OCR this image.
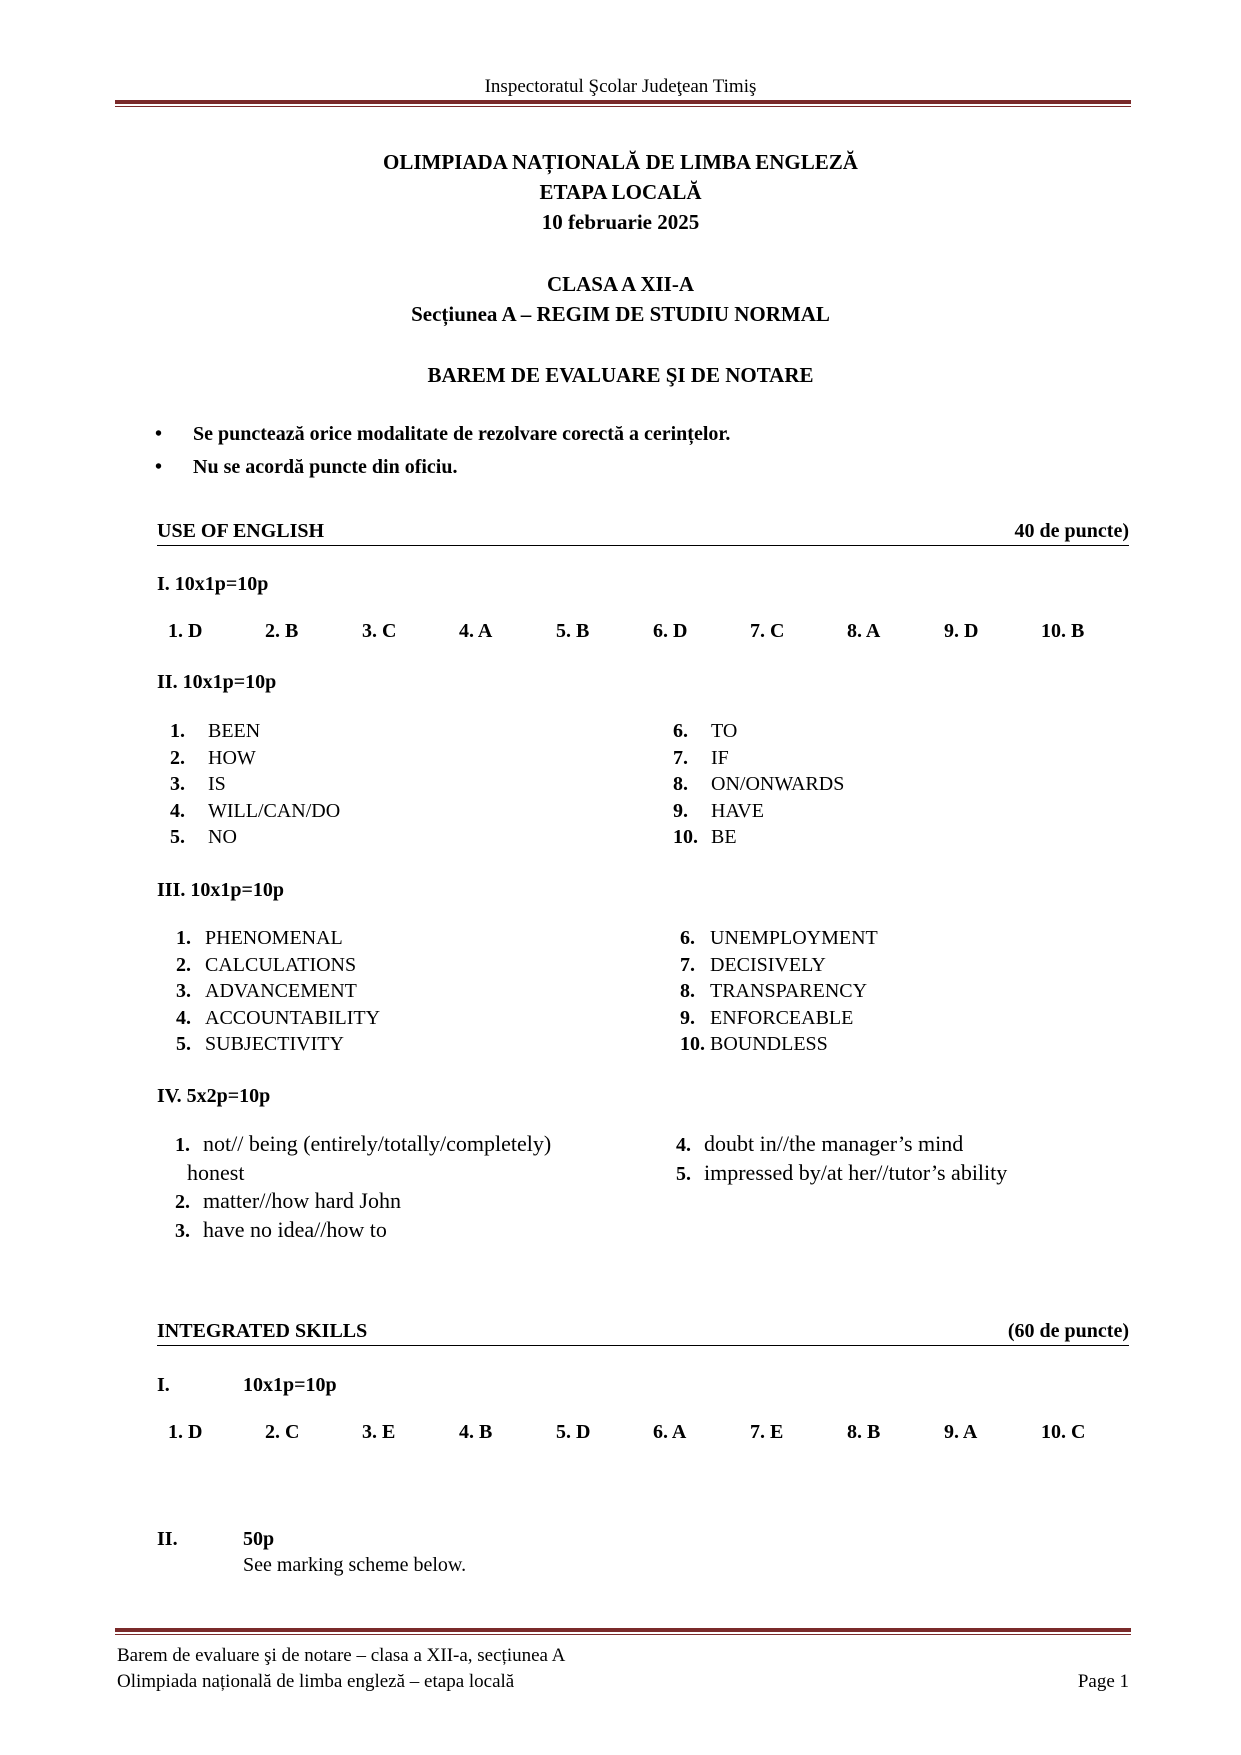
Inspectoratul Şcolar Judeţean Timiş
OLIMPIADA NAȚIONALĂ DE LIMBA ENGLEZĂ
ETAPA LOCALĂ
10 februarie 2025
CLASA A XII-A
Secțiunea A – REGIM DE STUDIU NORMAL
BAREM DE EVALUARE ŞI DE NOTARE
• Se punctează orice modalitate de rezolvare corectă a cerințelor.
• Nu se acordă puncte din oficiu.
USE OF ENGLISH	40 de puncte)
I. 10x1p=10p
1. D	2. B	3. C	4. A	5. B	6. D	7. C	8. A	9. D	10. B
II. 10x1p=10p
1. BEEN
2. HOW
3. IS
4. WILL/CAN/DO
5. NO
6. TO
7. IF
8. ON/ONWARDS
9. HAVE
10. BE
III. 10x1p=10p
1. PHENOMENAL
2. CALCULATIONS
3. ADVANCEMENT
4. ACCOUNTABILITY
5. SUBJECTIVITY
6. UNEMPLOYMENT
7. DECISIVELY
8. TRANSPARENCY
9. ENFORCEABLE
10. BOUNDLESS
IV. 5x2p=10p
1. not// being (entirely/totally/completely)
honest
2. matter//how hard John
3. have no idea//how to
4. doubt in//the manager’s mind
5. impressed by/at her//tutor’s ability
INTEGRATED SKILLS	(60 de puncte)
I.	10x1p=10p
1. D	2. C	3. E	4. B	5. D	6. A	7. E	8. B	9. A	10. C
II.	50p
See marking scheme below.
Barem de evaluare şi de notare – clasa a XII-a, secțiunea A
Olimpiada națională de limba engleză – etapa locală	Page 1
